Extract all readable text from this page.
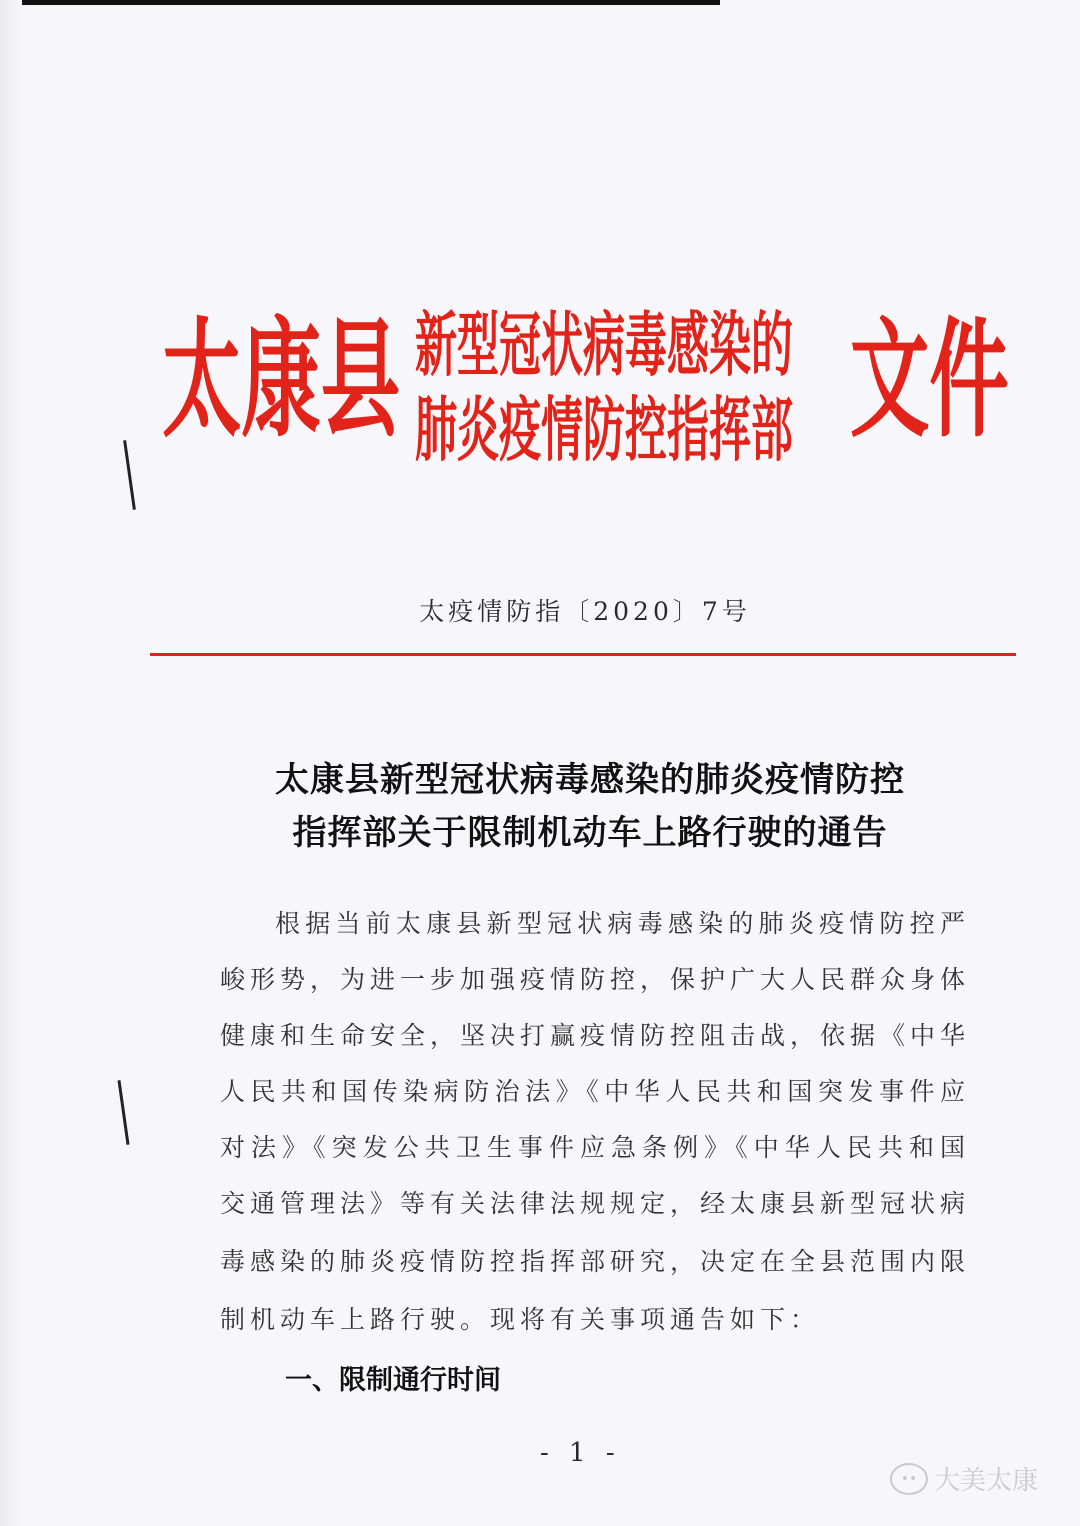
太康县 新型冠状病毒感染的
肺炎疫情防控指挥部 文件
太疫情防指〔2020〕7号
太康县新型冠状病毒感染的肺炎疫情防控
指挥部关于限制机动车上路行驶的通告
根据当前太康县新型冠状病毒感染的肺炎疫情防控严
峻形势，为进一步加强疫情防控，保护广大人民群众身体
健康和生命安全，坚决打赢疫情防控阻击战，依据《中华
人民共和国传染病防治法》《中华人民共和国突发事件应
对法》《突发公共卫生事件应急条例》《中华人民共和国
交通管理法》等有关法律法规规定，经太康县新型冠状病
毒感染的肺炎疫情防控指挥部研究，决定在全县范围内限
制机动车上路行驶。现将有关事项通告如下：
一、限制通行时间
- 1 -
•• 大美太康
